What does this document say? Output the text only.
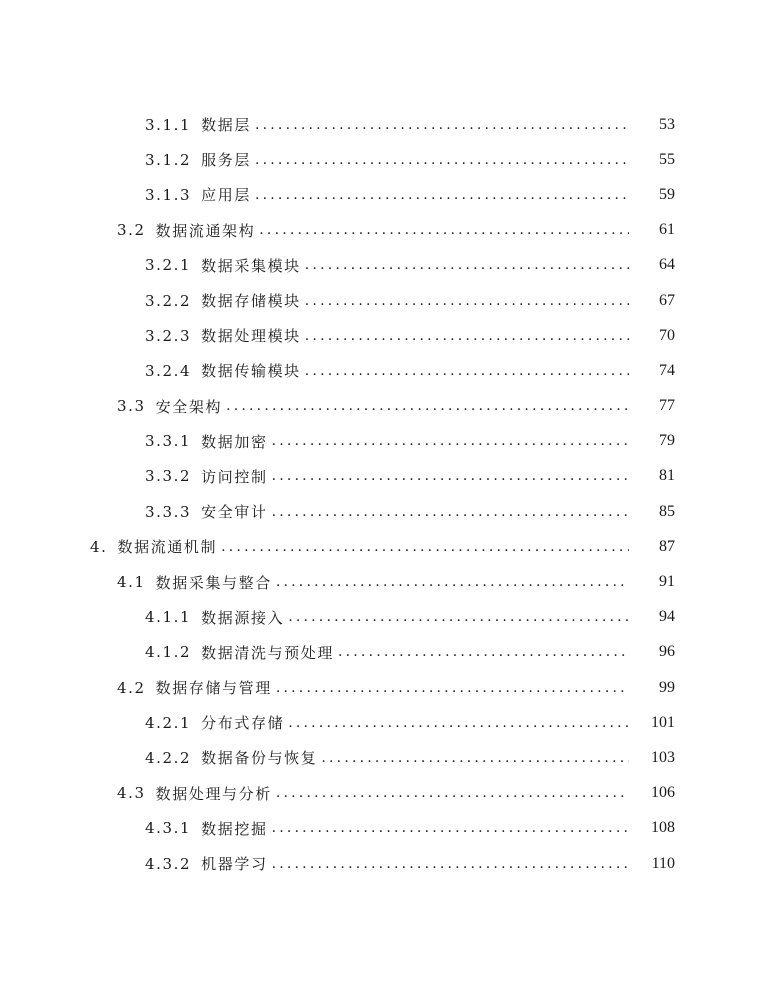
3.1.1 数据层 .....	53
3.1.2 服务层 .....	55
3.1.3 应用层 .....	59
3.2 数据流通架构 .....	61
3.2.1 数据采集模块 .....	64
3.2.2 数据存储模块 .....	67
3.2.3 数据处理模块 .....	70
3.2.4 数据传输模块 .....	74
3.3 安全架构 .....	77
3.3.1 数据加密 .....	79
3.3.2 访问控制 .....	81
3.3.3 安全审计 .....	85
4. 数据流通机制 .....	87
4.1 数据采集与整合 .....	91
4.1.1 数据源接入 .....	94
4.1.2 数据清洗与预处理 .....	96
4.2 数据存储与管理 .....	99
4.2.1 分布式存储 .....	101
4.2.2 数据备份与恢复 .....	103
4.3 数据处理与分析 .....	106
4.3.1 数据挖掘 .....	108
4.3.2 机器学习 .....	110
